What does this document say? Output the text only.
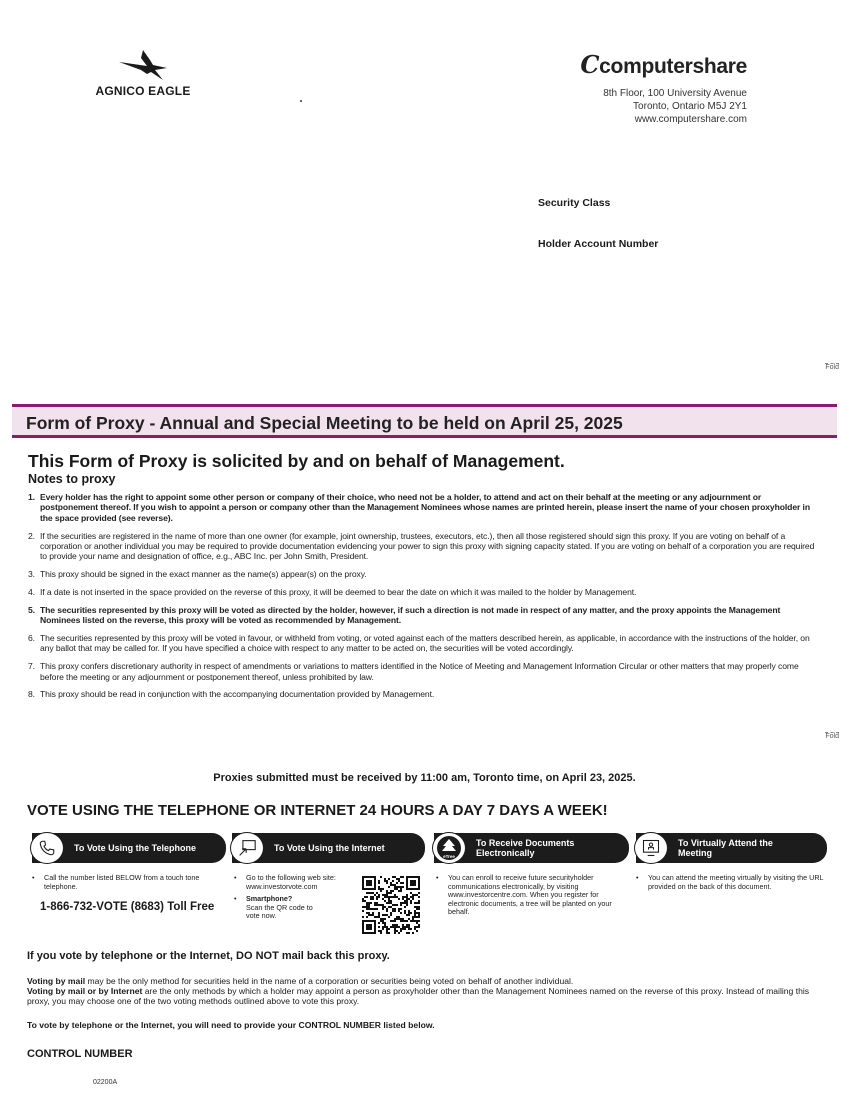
AGNICO EAGLE
Ccomputershare
8th Floor, 100 University Avenue
Toronto, Ontario M5J 2Y1
www.computershare.com
Security Class
Holder Account Number
Fold
Fold
Form of Proxy - Annual and Special Meeting to be held on April 25, 2025
This Form of Proxy is solicited by and on behalf of Management.
Notes to proxy
1. Every holder has the right to appoint some other person or company of their choice, who need not be a holder, to attend and act on their behalf at the meeting or any adjournment or postponement thereof. If you wish to appoint a person or company other than the Management Nominees whose names are printed herein, please insert the name of your chosen proxyholder in the space provided (see reverse).
2. If the securities are registered in the name of more than one owner (for example, joint ownership, trustees, executors, etc.), then all those registered should sign this proxy. If you are voting on behalf of a corporation or another individual you may be required to provide documentation evidencing your power to sign this proxy with signing capacity stated. If you are voting on behalf of a corporation you are required to provide your name and designation of office, e.g., ABC Inc. per John Smith, President.
3. This proxy should be signed in the exact manner as the name(s) appear(s) on the proxy.
4. If a date is not inserted in the space provided on the reverse of this proxy, it will be deemed to bear the date on which it was mailed to the holder by Management.
5. The securities represented by this proxy will be voted as directed by the holder, however, if such a direction is not made in respect of any matter, and the proxy appoints the Management Nominees listed on the reverse, this proxy will be voted as recommended by Management.
6. The securities represented by this proxy will be voted in favour, or withheld from voting, or voted against each of the matters described herein, as applicable, in accordance with the instructions of the holder, on any ballot that may be called for. If you have specified a choice with respect to any matter to be acted on, the securities will be voted accordingly.
7. This proxy confers discretionary authority in respect of amendments or variations to matters identified in the Notice of Meeting and Management Information Circular or other matters that may properly come before the meeting or any adjournment or postponement thereof, unless prohibited by law.
8. This proxy should be read in conjunction with the accompanying documentation provided by Management.
Proxies submitted must be received by 11:00 am, Toronto time, on April 23, 2025.
VOTE USING THE TELEPHONE OR INTERNET 24 HOURS A DAY 7 DAYS A WEEK!
To Vote Using the Telephone	To Vote Using the Internet
eTree
To Receive Documents Electronically
To Virtually Attend the Meeting
•	Call the number listed BELOW from a touch tone telephone.
1-866-732-VOTE (8683) Toll Free
•	Go to the following web site: www.investorvote.com
•	Smartphone?
Scan the QR code to vote now.
•	You can enroll to receive future securityholder communications electronically, by visiting www.investorcentre.com. When you register for electronic documents, a tree will be planted on your behalf.
•	You can attend the meeting virtually by visiting the URL provided on the back of this document.
If you vote by telephone or the Internet, DO NOT mail back this proxy.
Voting by mail may be the only method for securities held in the name of a corporation or securities being voted on behalf of another individual.
Voting by mail or by Internet are the only methods by which a holder may appoint a person as proxyholder other than the Management Nominees named on the reverse of this proxy. Instead of mailing this proxy, you may choose one of the two voting methods outlined above to vote this proxy.
To vote by telephone or the Internet, you will need to provide your CONTROL NUMBER listed below.
CONTROL NUMBER
02200A
